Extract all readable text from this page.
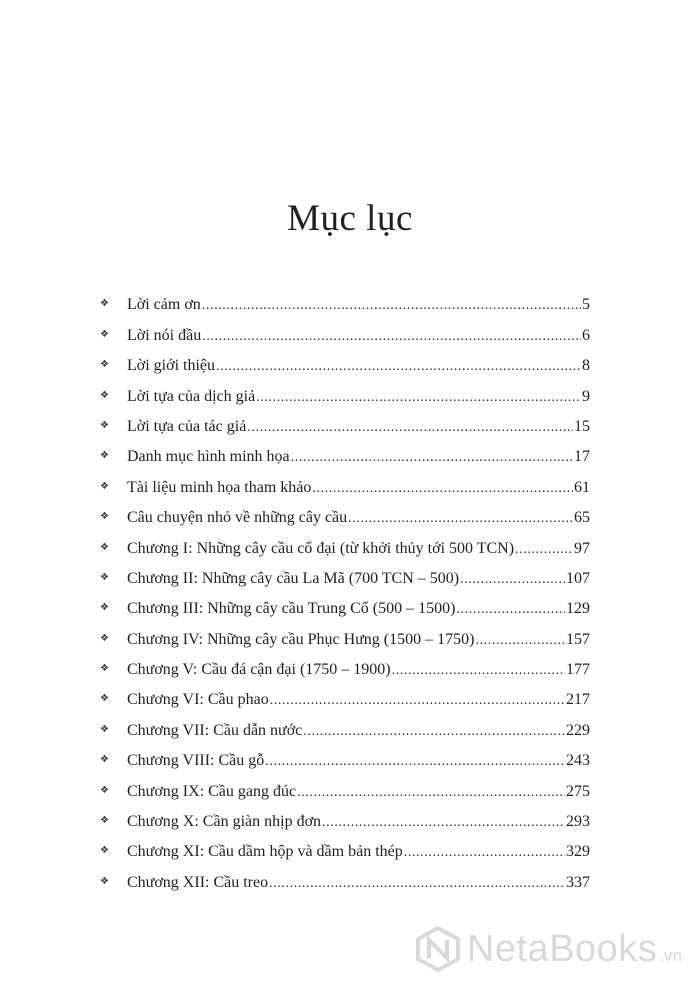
Mục lục
❖	Lời cảm ơn .....	5
❖	Lời nói đầu .....	6
❖	Lời giới thiệu .....	8
❖	Lời tựa của dịch giả .....	9
❖	Lời tựa của tác giả .....	15
❖	Danh mục hình minh họa .....	17
❖	Tài liệu minh họa tham khảo .....	61
❖	Câu chuyện nhỏ về những cây cầu .....	65
❖	Chương I: Những cây cầu cổ đại (từ khởi thủy tới 500 TCN) .....	97
❖	Chương II: Những cây cầu La Mã (700 TCN – 500) .....	107
❖	Chương III: Những cây cầu Trung Cổ (500 – 1500) .....	129
❖	Chương IV: Những cây cầu Phục Hưng (1500 – 1750) .....	157
❖	Chương V: Cầu đá cận đại (1750 – 1900) .....	177
❖	Chương VI: Cầu phao .....	217
❖	Chương VII: Cầu dẫn nước .....	229
❖	Chương VIII: Cầu gỗ .....	243
❖	Chương IX: Cầu gang đúc .....	275
❖	Chương X: Cần giàn nhịp đơn .....	293
❖	Chương XI: Cầu dầm hộp và dầm bản thép .....	329
❖	Chương XII: Cầu treo .....	337
NetaBooks .vn
